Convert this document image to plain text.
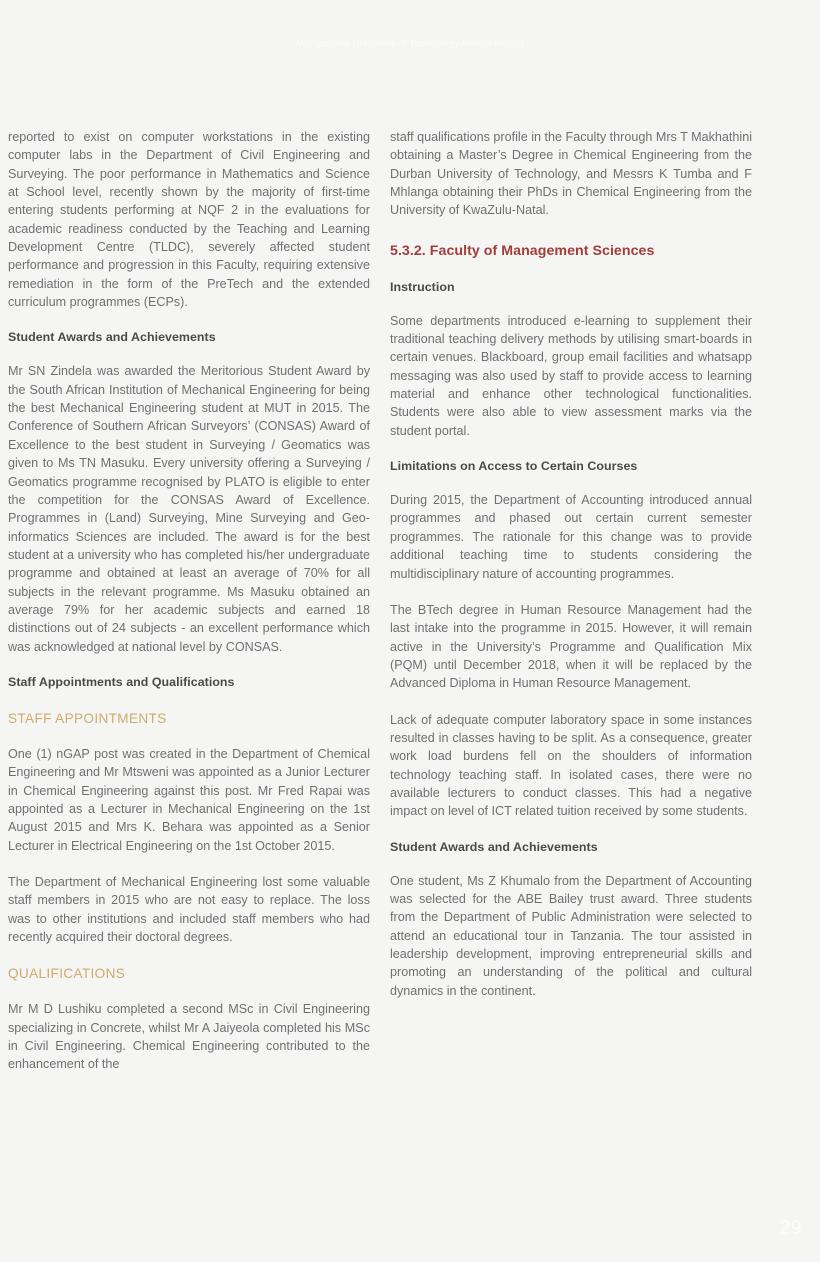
Mangosuthu University of Technology Annual Report

reported to exist on computer workstations in the existing computer labs in the Department of Civil Engineering and Surveying. The poor performance in Mathematics and Science at School level, recently shown by the majority of first-time entering students performing at NQF 2 in the evaluations for academic readiness conducted by the Teaching and Learning Development Centre (TLDC), severely affected student performance and progression in this Faculty, requiring extensive remediation in the form of the PreTech and the extended curriculum programmes (ECPs).

Student Awards and Achievements

Mr SN Zindela was awarded the Meritorious Student Award by the South African Institution of Mechanical Engineering for being the best Mechanical Engineering student at MUT in 2015. The Conference of Southern African Surveyors’ (CONSAS) Award of Excellence to the best student in Surveying / Geomatics was given to Ms TN Masuku. Every university offering a Surveying / Geomatics programme recognised by PLATO is eligible to enter the competition for the CONSAS Award of Excellence. Programmes in (Land) Surveying, Mine Surveying and Geo-informatics Sciences are included. The award is for the best student at a university who has completed his/her undergraduate programme and obtained at least an average of 70% for all subjects in the relevant programme. Ms Masuku obtained an average 79% for her academic subjects and earned 18 distinctions out of 24 subjects - an excellent performance which was acknowledged at national level by CONSAS.

Staff Appointments and Qualifications
STAFF APPOINTMENTS

One (1) nGAP post was created in the Department of Chemical Engineering and Mr Mtsweni was appointed as a Junior Lecturer in Chemical Engineering against this post. Mr Fred Rapai was appointed as a Lecturer in Mechanical Engineering on the 1st August 2015 and Mrs K. Behara was appointed as a Senior Lecturer in Electrical Engineering on the 1st October 2015.

The Department of Mechanical Engineering lost some valuable staff members in 2015 who are not easy to replace. The loss was to other institutions and included staff members who had recently acquired their doctoral degrees.

QUALIFICATIONS

Mr M D Lushiku completed a second MSc in Civil Engineering specializing in Concrete, whilst Mr A Jaiyeola completed his MSc in Civil Engineering. Chemical Engineering contributed to the enhancement of the

staff qualifications profile in the Faculty through Mrs T Makhathini obtaining a Master’s Degree in Chemical Engineering from the Durban University of Technology, and Messrs K Tumba and F Mhlanga obtaining their PhDs in Chemical Engineering from the University of KwaZulu-Natal.

5.3.2. Faculty of Management Sciences
Instruction

Some departments introduced e-learning to supplement their traditional teaching delivery methods by utilising smart-boards in certain venues. Blackboard, group email facilities and whatsapp messaging was also used by staff to provide access to learning material and enhance other technological functionalities. Students were also able to view assessment marks via the student portal.

Limitations on Access to Certain Courses

During 2015, the Department of Accounting introduced annual programmes and phased out certain current semester programmes. The rationale for this change was to provide additional teaching time to students considering the multidisciplinary nature of accounting programmes.

The BTech degree in Human Resource Management had the last intake into the programme in 2015. However, it will remain active in the University’s Programme and Qualification Mix (PQM) until December 2018, when it will be replaced by the Advanced Diploma in Human Resource Management.

Lack of adequate computer laboratory space in some instances resulted in classes having to be split. As a consequence, greater work load burdens fell on the shoulders of information technology teaching staff. In isolated cases, there were no available lecturers to conduct classes. This had a negative impact on level of ICT related tuition received by some students.

Student Awards and Achievements

One student, Ms Z Khumalo from the Department of Accounting was selected for the ABE Bailey trust award. Three students from the Department of Public Administration were selected to attend an educational tour in Tanzania. The tour assisted in leadership development, improving entrepreneurial skills and promoting an understanding of the political and cultural dynamics in the continent.

29
